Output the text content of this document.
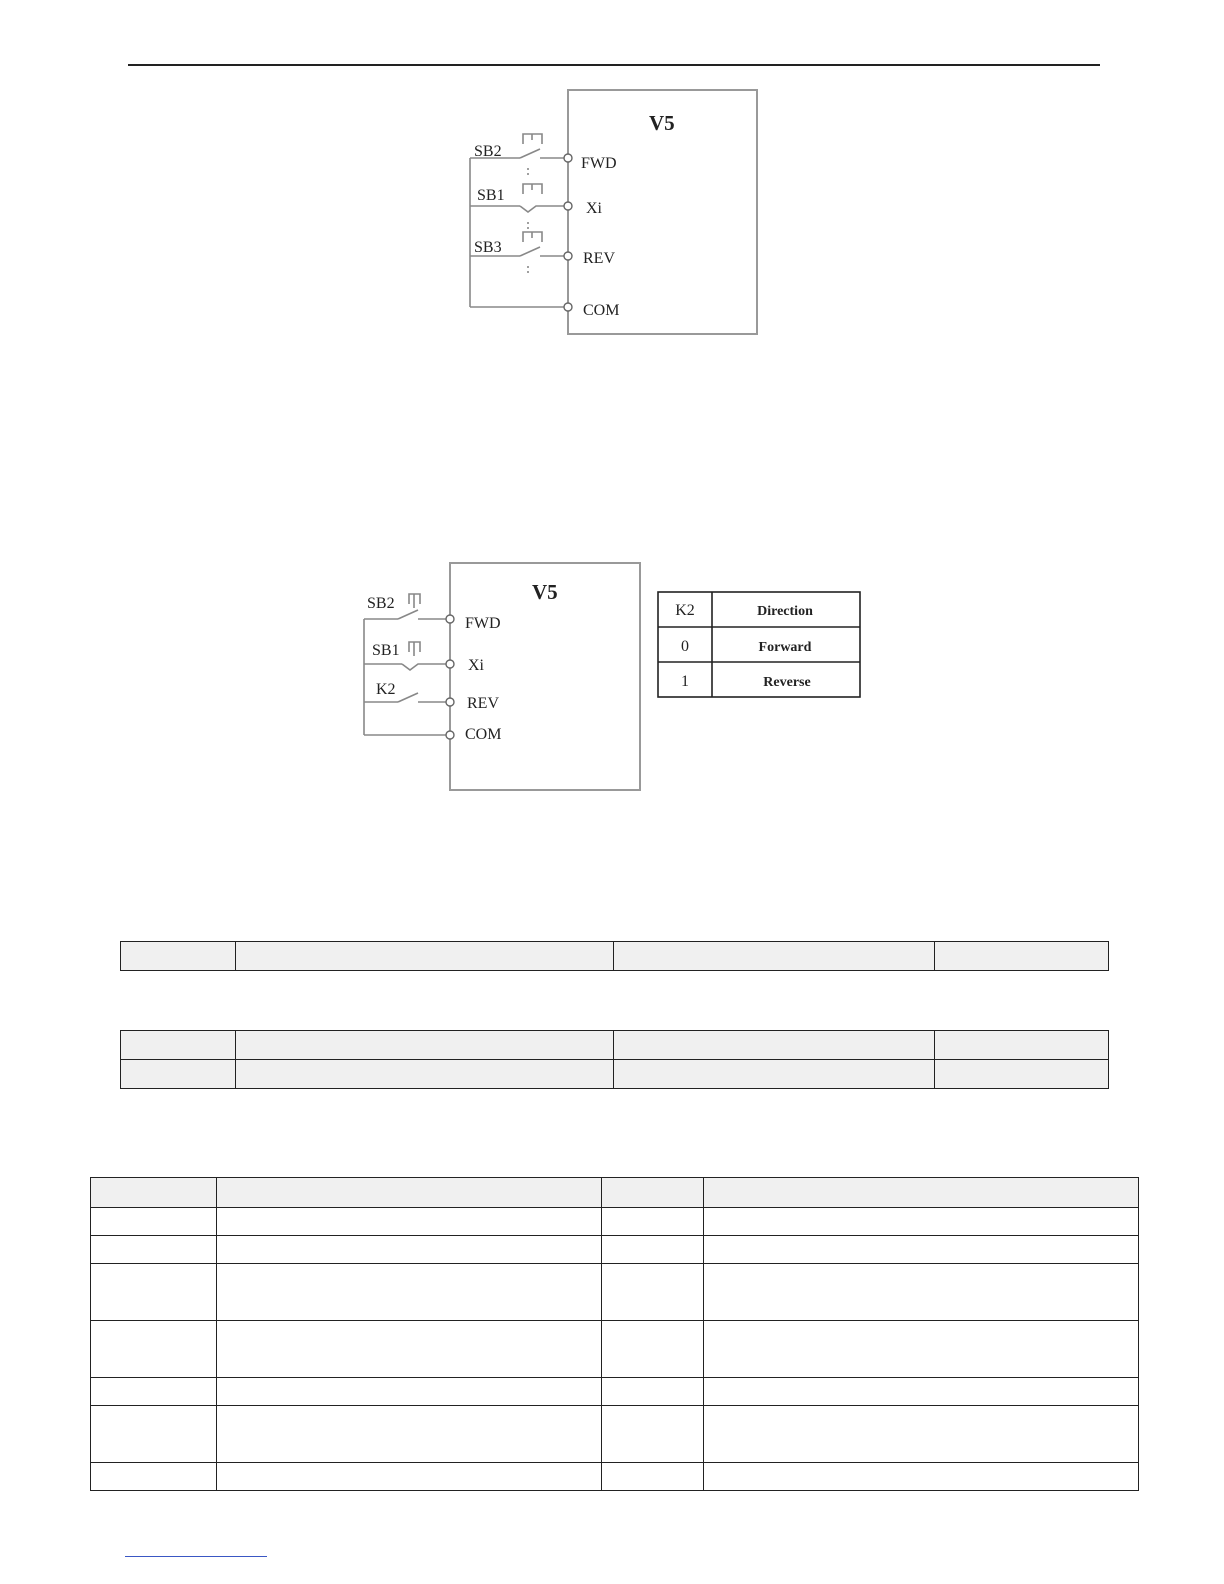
V5
SB2
SB1
SB3
FWD
Xi
REV
COM
V5
SB2
SB1
K2
FWD
Xi
REV
COM
K2	Direction
0	Forward
1	Reverse
